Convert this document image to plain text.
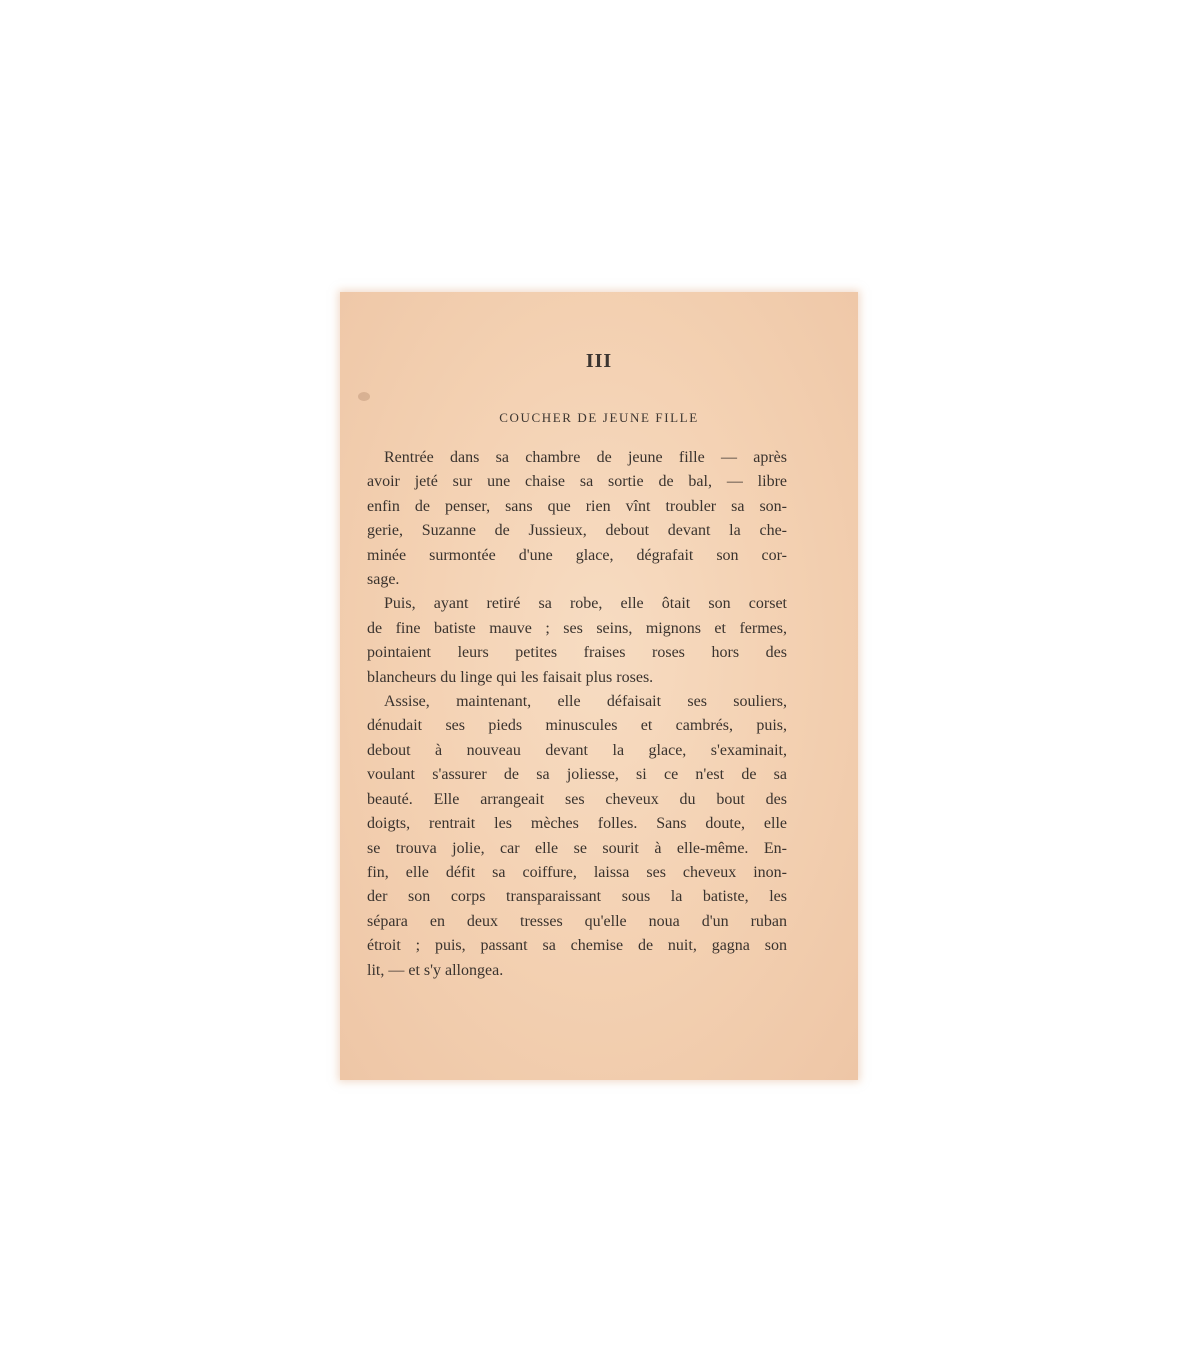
III
COUCHER DE JEUNE FILLE
Rentrée dans sa chambre de jeune fille — après
avoir jeté sur une chaise sa sortie de bal, — libre
enfin de penser, sans que rien vînt troubler sa son-
gerie, Suzanne de Jussieux, debout devant la che-
minée surmontée d'une glace, dégrafait son cor-
sage.
Puis, ayant retiré sa robe, elle ôtait son corset
de fine batiste mauve ; ses seins, mignons et fermes,
pointaient leurs petites fraises roses hors des
blancheurs du linge qui les faisait plus roses.
Assise, maintenant, elle défaisait ses souliers,
dénudait ses pieds minuscules et cambrés, puis,
debout à nouveau devant la glace, s'examinait,
voulant s'assurer de sa joliesse, si ce n'est de sa
beauté. Elle arrangeait ses cheveux du bout des
doigts, rentrait les mèches folles. Sans doute, elle
se trouva jolie, car elle se sourit à elle-même. En-
fin, elle défit sa coiffure, laissa ses cheveux inon-
der son corps transparaissant sous la batiste, les
sépara en deux tresses qu'elle noua d'un ruban
étroit ; puis, passant sa chemise de nuit, gagna son
lit, — et s'y allongea.
